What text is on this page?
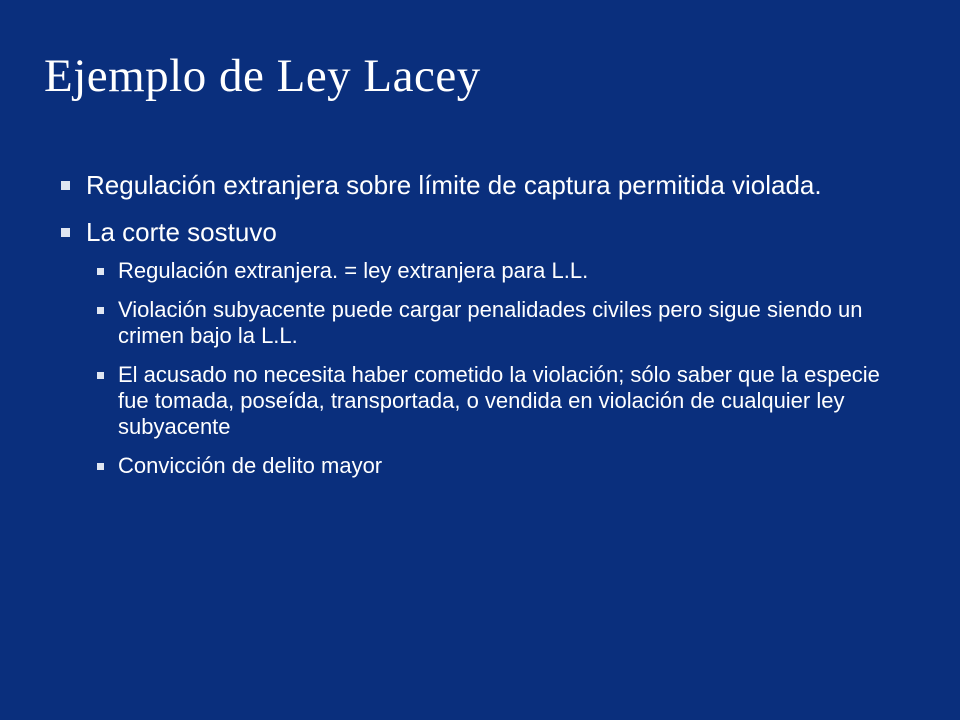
Ejemplo de Ley Lacey
Regulación extranjera sobre límite de captura permitida violada.
La corte sostuvo
Regulación extranjera. = ley extranjera para L.L.
Violación subyacente puede cargar penalidades civiles pero sigue siendo un crimen bajo la L.L.
El acusado no necesita haber cometido la violación; sólo saber que la especie fue tomada, poseída, transportada, o vendida en violación de cualquier ley subyacente
Convicción de delito mayor
